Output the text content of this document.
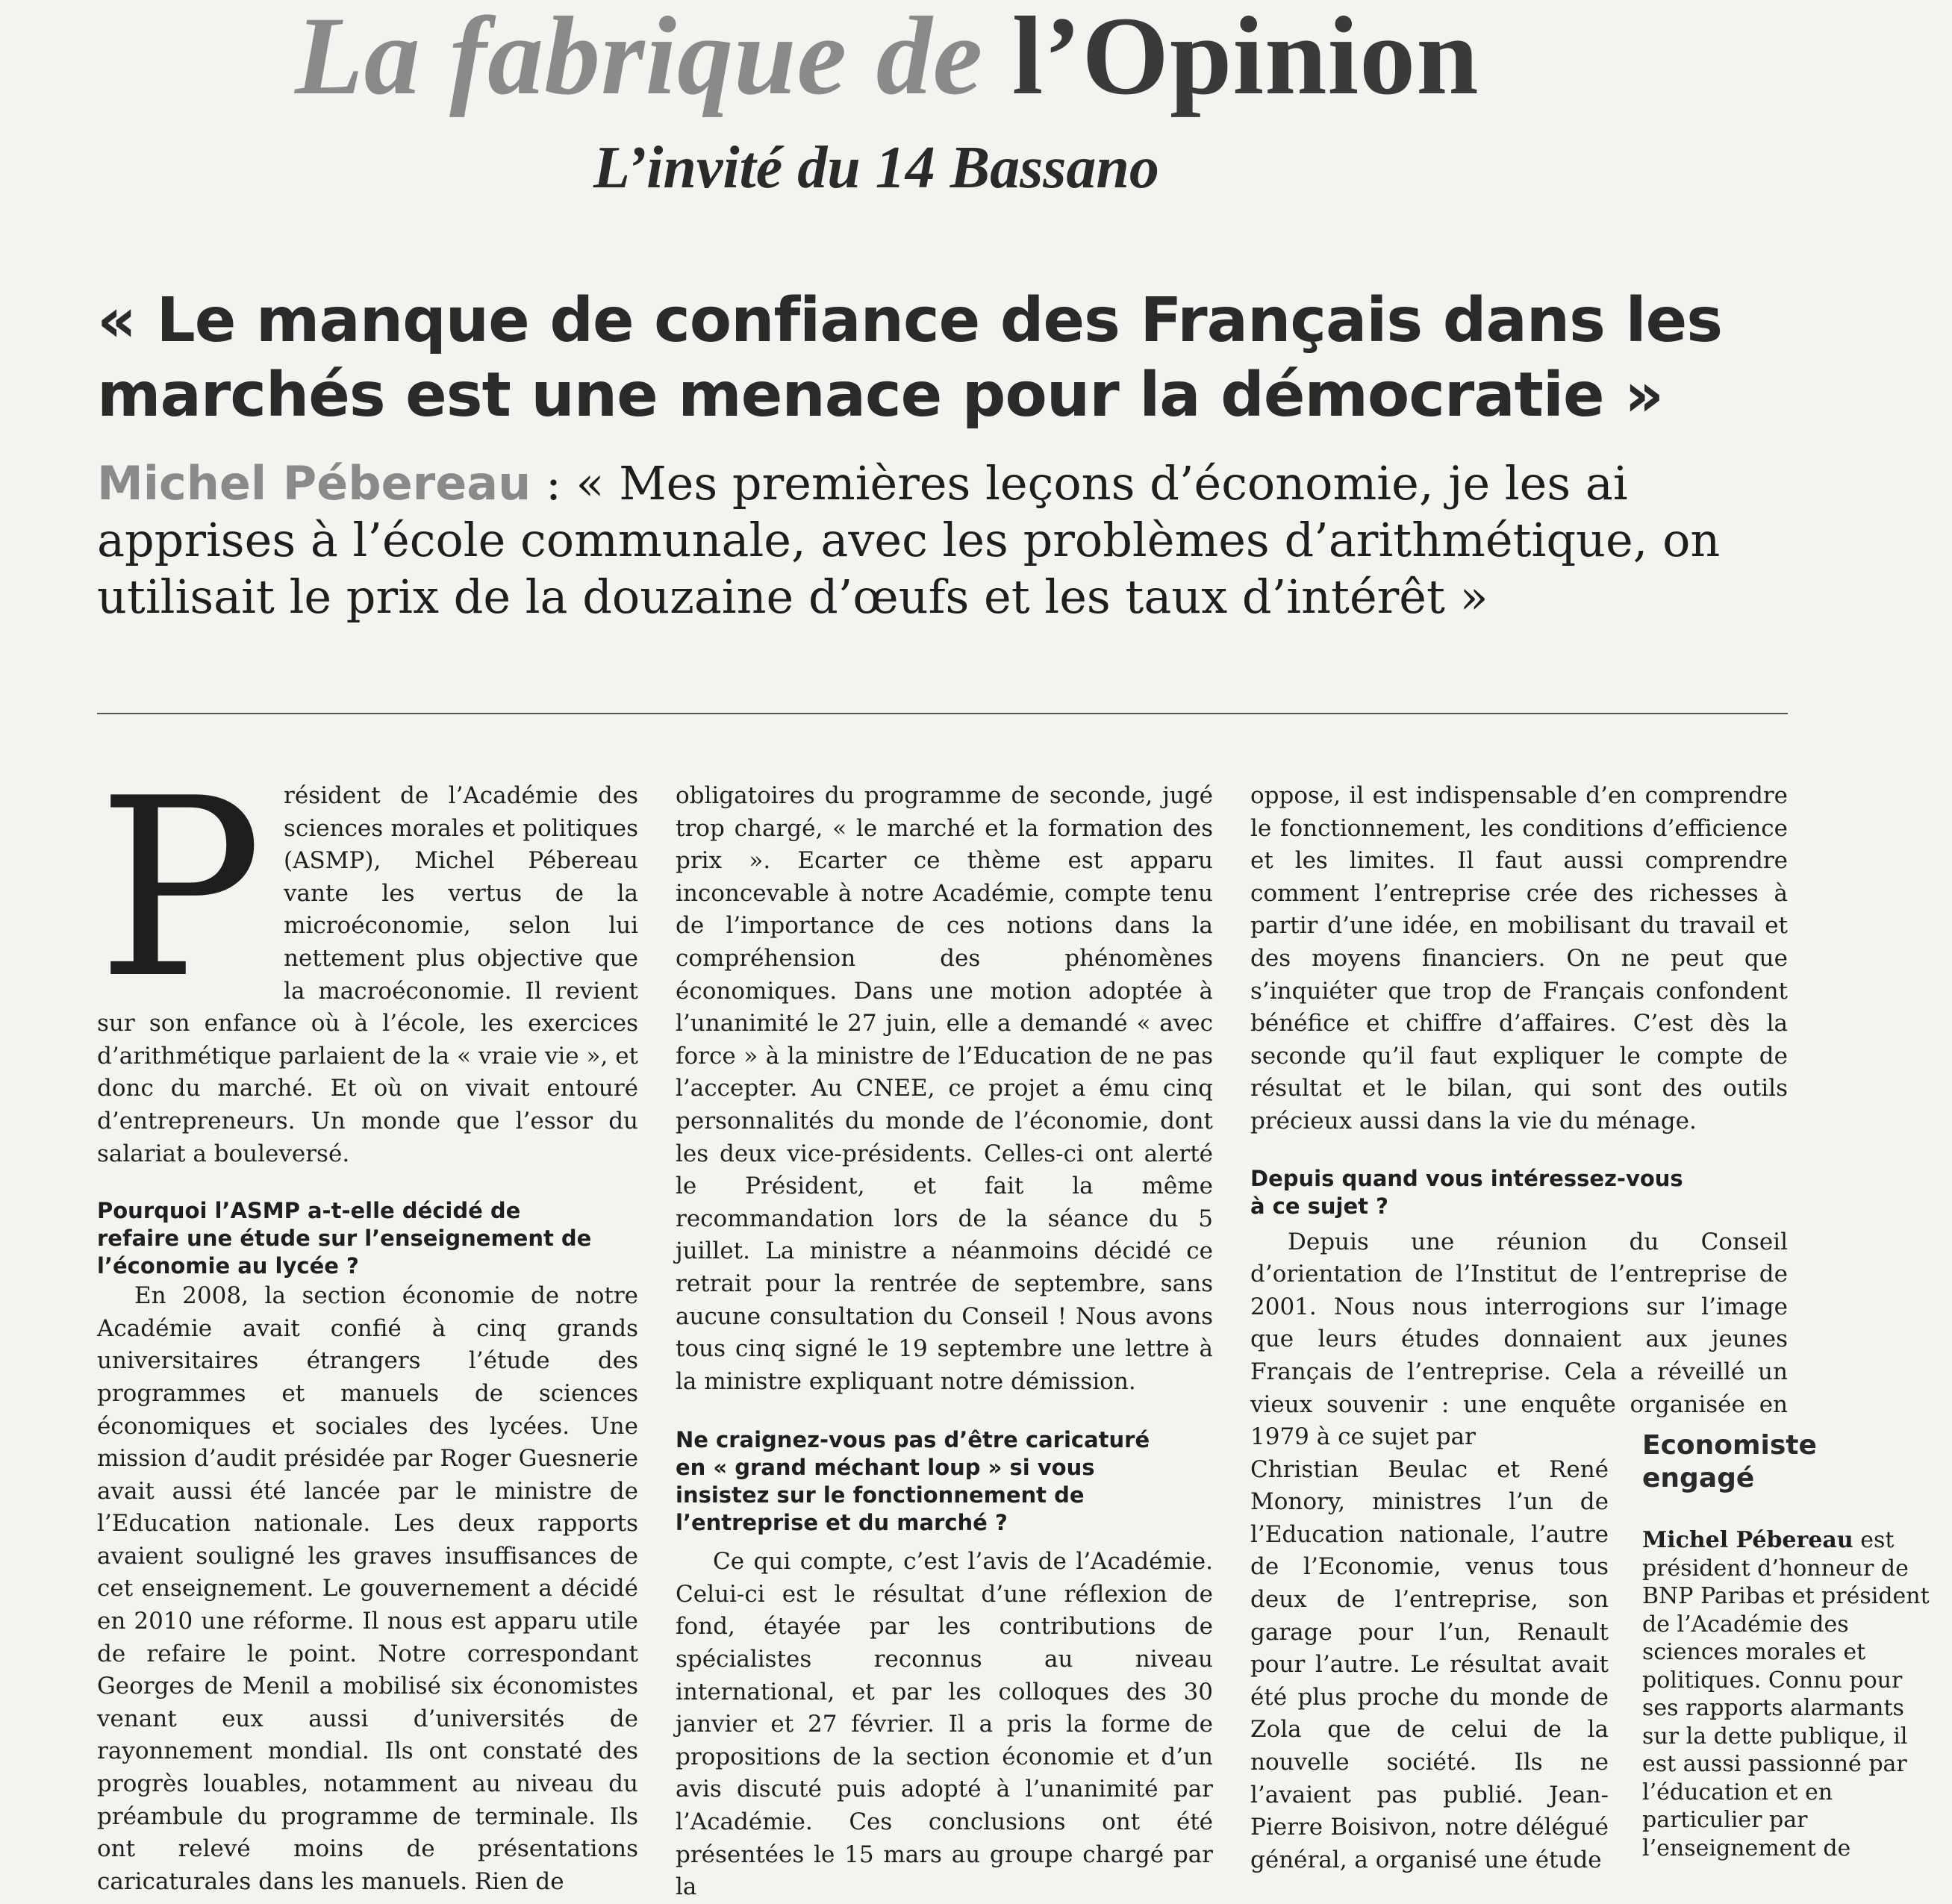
La fabrique de l’Opinion
L’invité du 14 Bassano
« Le manque de confiance des Français dans les marchés est une menace pour la démocratie »
Michel Pébereau : « Mes premières leçons d’économie, je les ai apprises à l’école communale, avec les problèmes d’arithmétique, on utilisait le prix de la douzaine d’œufs et les taux d’intérêt »

Président de l’Académie des sciences morales et politiques (ASMP), Michel Pébereau vante les vertus de la microéconomie, selon lui nettement plus objective que la macroéconomie. Il revient sur son enfance où à l’école, les exercices d’arithmétique parlaient de la « vraie vie », et donc du marché. Et où on vivait entouré d’entrepreneurs. Un monde que l’essor du salariat a bouleversé.

Pourquoi l’ASMP a-t-elle décidé de refaire une étude sur l’enseignement de l’économie au lycée ?

En 2008, la section économie de notre Académie avait confié à cinq grands universitaires étrangers l’étude des programmes et manuels de sciences économiques et sociales des lycées. Une mission d’audit présidée par Roger Guesnerie avait aussi été lancée par le ministre de l’Education nationale. Les deux rapports avaient souligné les graves insuffisances de cet enseignement. Le gouvernement a décidé en 2010 une réforme. Il nous est apparu utile de refaire le point. Notre correspondant Georges de Menil a mobilisé six économistes venant eux aussi d’universités de rayonnement mondial. Ils ont constaté des progrès louables, notamment au niveau du préambule du programme de terminale. Ils ont relevé moins de présentations caricaturales dans les manuels. Rien de

obligatoires du programme de seconde, jugé trop chargé, « le marché et la formation des prix ». Ecarter ce thème est apparu inconcevable à notre Académie, compte tenu de l’importance de ces notions dans la compréhension des phénomènes économiques. Dans une motion adoptée à l’unanimité le 27 juin, elle a demandé « avec force » à la ministre de l’Education de ne pas l’accepter. Au CNEE, ce projet a ému cinq personnalités du monde de l’économie, dont les deux vice-présidents. Celles-ci ont alerté le Président, et fait la même recommandation lors de la séance du 5 juillet. La ministre a néanmoins décidé ce retrait pour la rentrée de septembre, sans aucune consultation du Conseil ! Nous avons tous cinq signé le 19 septembre une lettre à la ministre expliquant notre démission.

Ne craignez-vous pas d’être caricaturé en « grand méchant loup » si vous insistez sur le fonctionnement de l’entreprise et du marché ?

Ce qui compte, c’est l’avis de l’Académie. Celui-ci est le résultat d’une réflexion de fond, étayée par les contributions de spécialistes reconnus au niveau international, et par les colloques des 30 janvier et 27 février. Il a pris la forme de propositions de la section économie et d’un avis discuté puis adopté à l’unanimité par l’Académie. Ces conclusions ont été présentées le 15 mars au groupe chargé par la

oppose, il est indispensable d’en comprendre le fonctionnement, les conditions d’efficience et les limites. Il faut aussi comprendre comment l’entreprise crée des richesses à partir d’une idée, en mobilisant du travail et des moyens financiers. On ne peut que s’inquiéter que trop de Français confondent bénéfice et chiffre d’affaires. C’est dès la seconde qu’il faut expliquer le compte de résultat et le bilan, qui sont des outils précieux aussi dans la vie du ménage.

Depuis quand vous intéressez-vous à ce sujet ?

Depuis une réunion du Conseil d’orientation de l’Institut de l’entreprise de 2001. Nous nous interrogions sur l’image que leurs études donnaient aux jeunes Français de l’entreprise. Cela a réveillé un vieux souvenir : une enquête organisée en 1979 à ce sujet par

Christian Beulac et René Monory, ministres l’un de l’Education nationale, l’autre de l’Economie, venus tous deux de l’entreprise, son garage pour l’un, Renault pour l’autre. Le résultat avait été plus proche du monde de Zola que de celui de la nouvelle société. Ils ne l’avaient pas publié. Jean-Pierre Boisivon, notre délégué général, a organisé une étude

Economiste engagé
Michel Pébereau est président d’honneur de BNP Paribas et président de l’Académie des sciences morales et politiques. Connu pour ses rapports alarmants sur la dette publique, il est aussi passionné par l’éducation et en particulier par l’enseignement de
